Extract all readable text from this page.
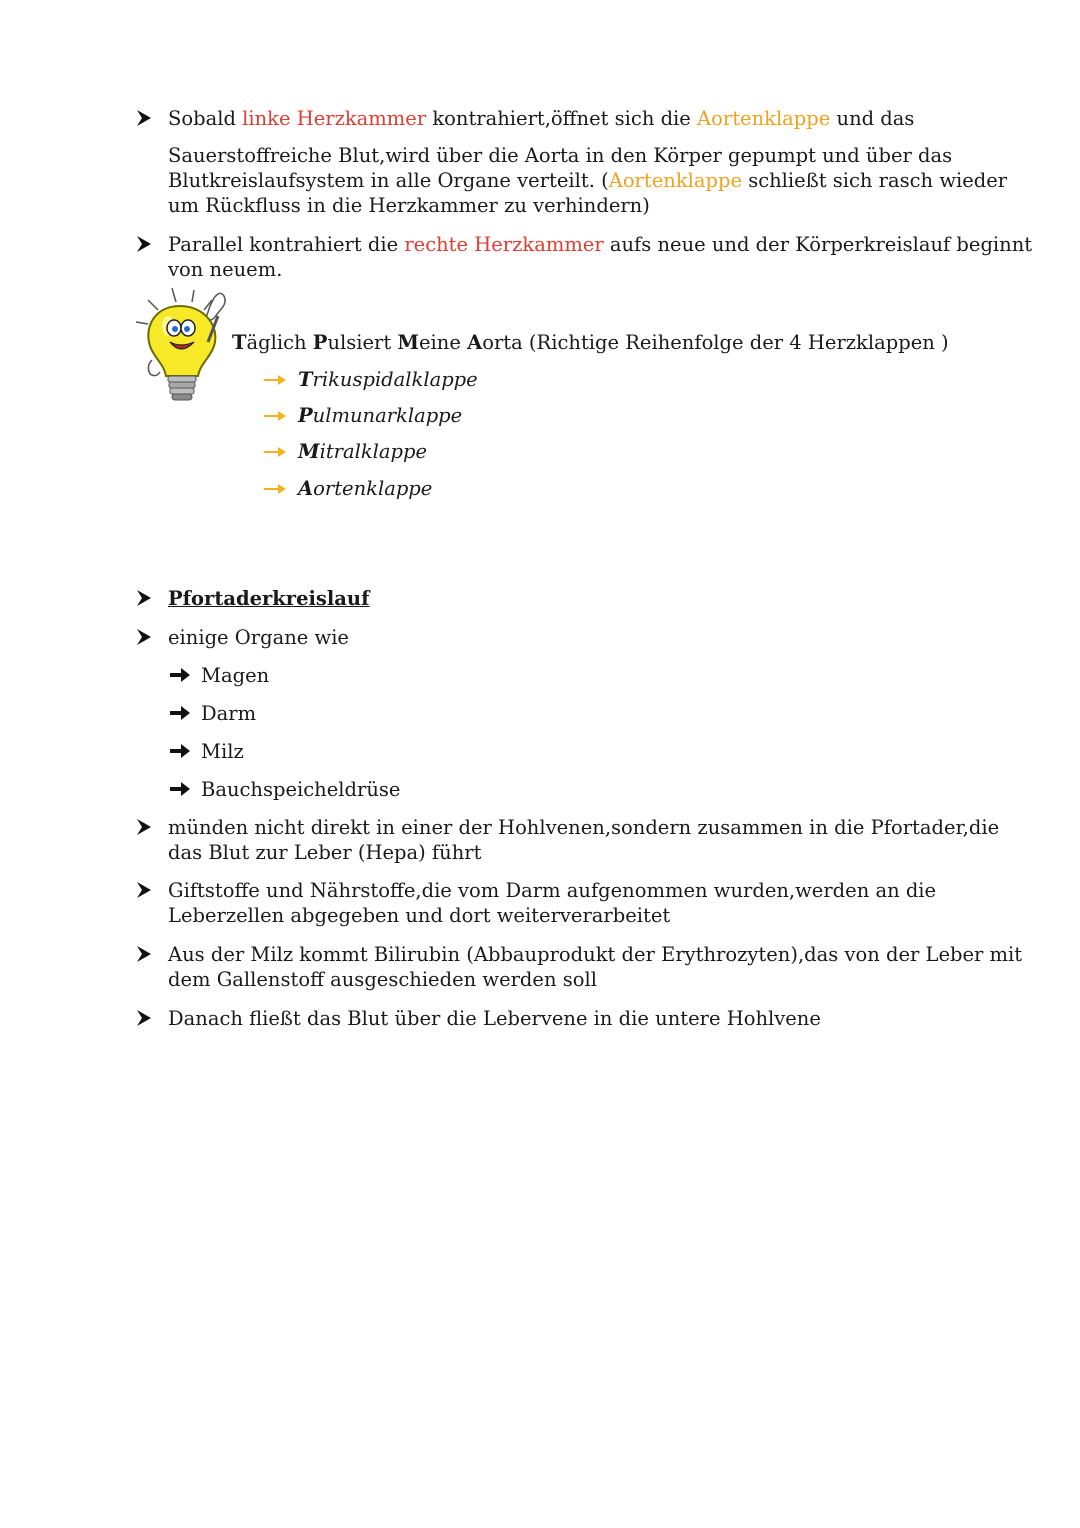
Sobald linke Herzkammer kontrahiert,öffnet sich die Aortenklappe und das
Sauerstoffreiche Blut,wird über die Aorta in den Körper gepumpt und über das
Blutkreislaufsystem in alle Organe verteilt. (Aortenklappe schließt sich rasch wieder
um Rückfluss in die Herzkammer zu verhindern)
Parallel kontrahiert die rechte Herzkammer aufs neue und der Körperkreislauf beginnt
von neuem.
Täglich Pulsiert Meine Aorta (Richtige Reihenfolge der 4 Herzklappen )
Trikuspidalklappe
Pulmunarklappe
Mitralklappe
Aortenklappe
Pfortaderkreislauf
einige Organe wie
Magen
Darm
Milz
Bauchspeicheldrüse
münden nicht direkt in einer der Hohlvenen,sondern zusammen in die Pfortader,die
das Blut zur Leber (Hepa) führt
Giftstoffe und Nährstoffe,die vom Darm aufgenommen wurden,werden an die
Leberzellen abgegeben und dort weiterverarbeitet
Aus der Milz kommt Bilirubin (Abbauprodukt der Erythrozyten),das von der Leber mit
dem Gallenstoff ausgeschieden werden soll
Danach fließt das Blut über die Lebervene in die untere Hohlvene
